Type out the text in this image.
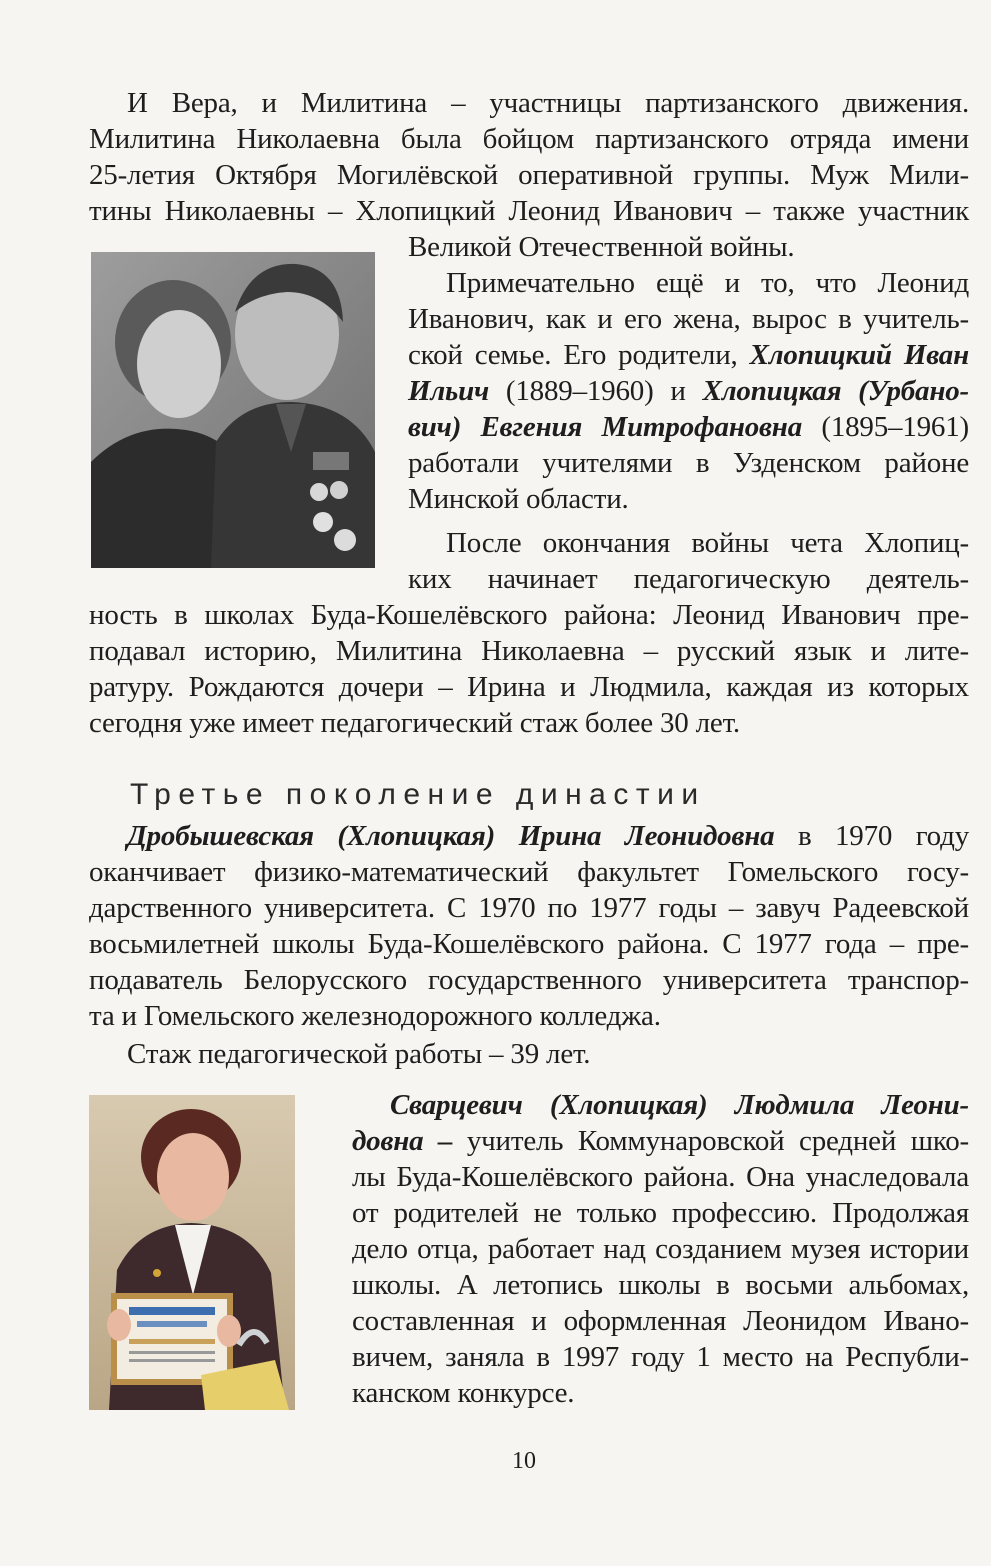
И Вера, и Милитина – участницы партизанского движения.
Милитина Николаевна была бойцом партизанского отряда имени
25-летия Октября Могилёвской оперативной группы. Муж Мили-
тины Николаевны – Хлопицкий Леонид Иванович – также участник
Великой Отечественной войны.
Примечательно ещё и то, что Леонид
Иванович, как и его жена, вырос в учитель-
ской семье. Его родители, Хлопицкий Иван
Ильич (1889–1960) и Хлопицкая (Урбано-
вич) Евгения Митрофановна (1895–1961)
работали учителями в Узденском районе
Минской области.
После окончания войны чета Хлопиц-
ких начинает педагогическую деятель-
ность в школах Буда-Кошелёвского района: Леонид Иванович пре-
подавал историю, Милитина Николаевна – русский язык и лите-
ратуру. Рождаются дочери – Ирина и Людмила, каждая из которых
сегодня уже имеет педагогический стаж более 30 лет.
Третье поколение династии
Дробышевская (Хлопицкая) Ирина Леонидовна в 1970 году
оканчивает физико-математический факультет Гомельского госу-
дарственного университета. С 1970 по 1977 годы – завуч Радеевской
восьмилетней школы Буда-Кошелёвского района. С 1977 года – пре-
подаватель Белорусского государственного университета транспор-
та и Гомельского железнодорожного колледжа.
Стаж педагогической работы – 39 лет.
Сварцевич (Хлопицкая) Людмила Леони-
довна – учитель Коммунаровской средней шко-
лы Буда-Кошелёвского района. Она унаследовала
от родителей не только профессию. Продолжая
дело отца, работает над созданием музея истории
школы. А летопись школы в восьми альбомах,
составленная и оформленная Леонидом Ивано-
вичем, заняла в 1997 году 1 место на Республи-
канском конкурсе.
10
